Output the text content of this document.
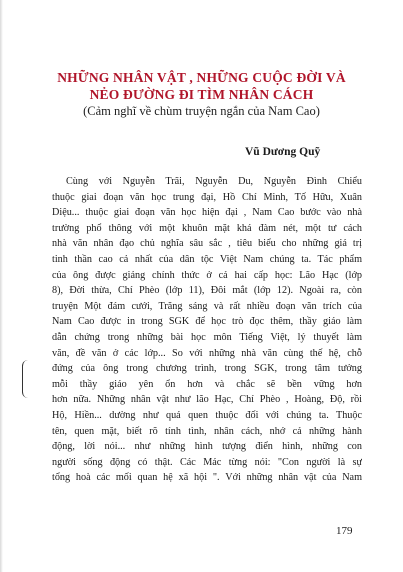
NHỮNG NHÂN VẬT , NHỮNG CUỘC ĐỜI VÀ
NẺO ĐƯỜNG ĐI TÌM NHÂN CÁCH

(Cảm nghĩ về chùm truyện ngắn của Nam Cao)

Vũ Dương Quỹ

Cùng với Nguyễn Trãi, Nguyễn Du, Nguyễn Đình Chiểu
thuộc giai đoạn văn học trung đại, Hồ Chí Minh, Tố Hữu, Xuân
Diệu... thuộc giai đoạn văn học hiện đại , Nam Cao bước vào nhà
trường phổ thông với một khuôn mặt khá đàm nét, một tư cách
nhà văn nhân đạo chủ nghĩa sâu sắc , tiêu biểu cho những giá trị
tinh thần cao cả nhất của dân tộc Việt Nam chúng ta. Tác phẩm
của ông được giảng chính thức ở cả hai cấp học: Lão Hạc (lớp
8), Đời thừa, Chí Phèo (lớp 11), Đôi mắt (lớp 12). Ngoài ra, còn
truyện Một đám cưới, Trăng sáng và rất nhiều đoạn văn trích của
Nam Cao được in trong SGK để học trò đọc thêm, thầy giáo làm
dẫn chứng trong những bài học môn Tiếng Việt, lý thuyết làm
văn, đề văn ở các lớp... So với những nhà văn cùng thế hệ, chỗ
đứng của ông trong chương trình, trong SGK, trong tâm tưởng
mỗi thầy giáo yên ổn hơn và chắc sẽ bền vững hơn
hơn nữa. Những nhân vật như lão Hạc, Chí Phèo , Hoàng, Độ, rồi
Hộ, Hiền... dường như quá quen thuộc đối với chúng ta. Thuộc
tên, quen mặt, biết rõ tính tình, nhân cách, nhớ cả những hành
động, lời nói... như những hình tượng điển hình, những con
người sống động có thật. Các Mác từng nói: "Con người là sự
tổng hoà các mối quan hệ xã hội ". Với những nhân vật của Nam

179
